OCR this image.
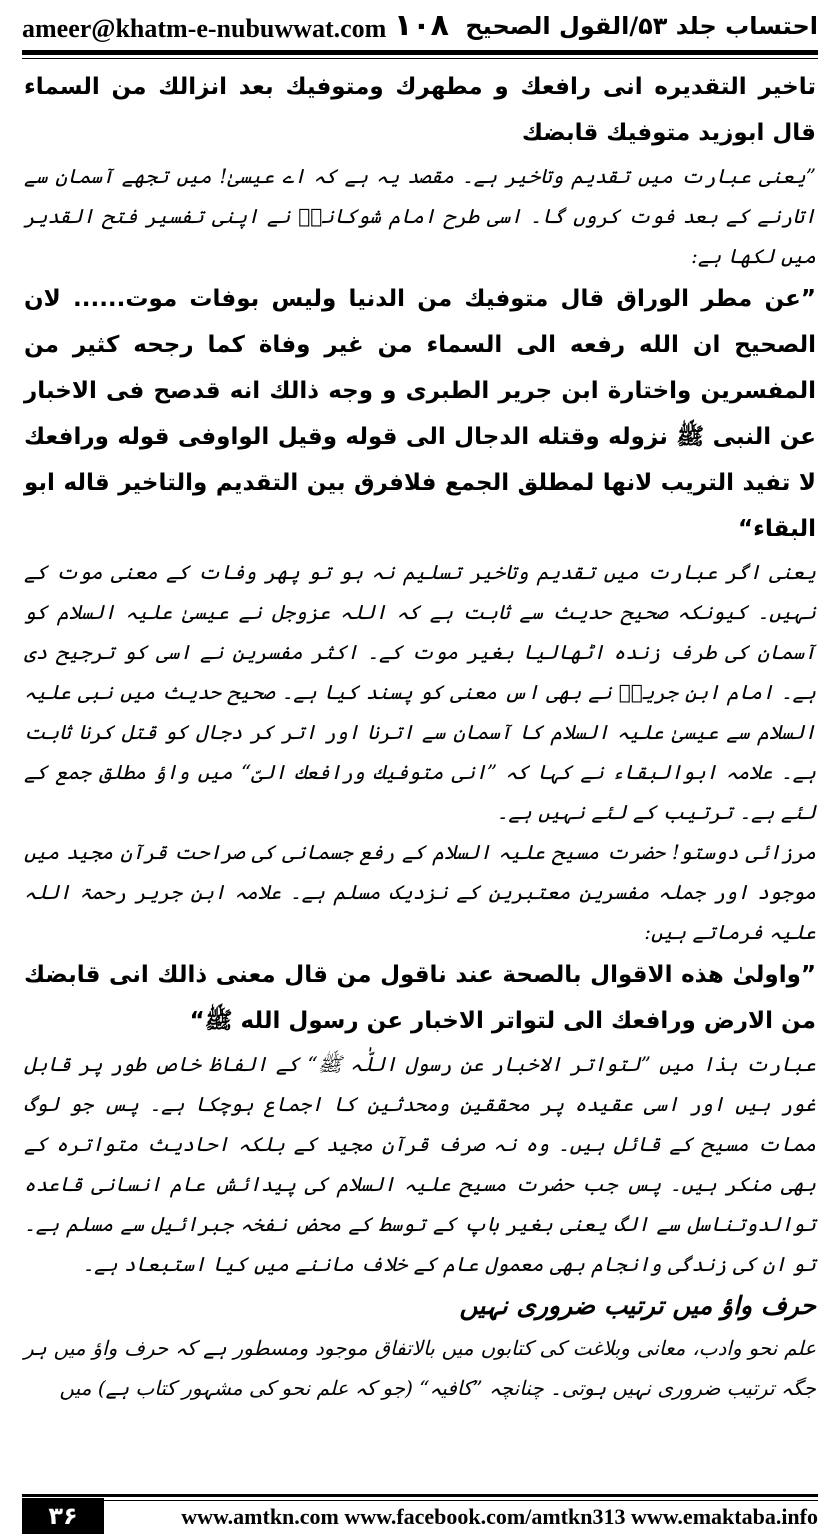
ameer@khatm-e-nubuwwat.com ۱۰۸ احتساب جلد ۵۳/القول الصحیح

تاخير التقديره انى رافعك و مطهرك ومتوفيك بعد انزالك من السماء قال ابوزيد متوفيك قابضك

”یعنی عبارت میں تقدیم وتاخیر ہے۔ مقصد یہ ہے کہ اے عیسیٰ! میں تجھے آسمان سے اتارنے کے بعد فوت کروں گا۔ اسی طرح امام شوکانیؒ نے اپنی تفسیر فتح القدیر میں لکھا ہے:

”عن مطر الوراق قال متوفيك من الدنيا وليس بوفات موت...... لان الصحيح ان الله رفعه الى السماء من غير وفاة كما رجحه كثير من المفسرين واختارة ابن جرير الطبرى و وجه ذالك انه قدصح فى الاخبار عن النبى ﷺ نزوله وقتله الدجال الى قوله وقيل الواوفى قوله ورافعك لا تفيد التريب لانها لمطلق الجمع فلافرق بين التقديم والتاخير قاله ابو البقاء“

یعنی اگر عبارت میں تقدیم وتاخیر تسلیم نہ ہو تو پھر وفات کے معنی موت کے نہیں۔ کیونکہ صحیح حدیث سے ثابت ہے کہ اللہ عزوجل نے عیسیٰ علیہ السلام کو آسمان کی طرف زندہ اٹھالیا بغیر موت کے۔ اکثر مفسرین نے اسی کو ترجیح دی ہے۔ امام ابن جریرؒ نے بھی اس معنی کو پسند کیا ہے۔ صحیح حدیث میں نبی علیہ السلام سے عیسیٰ علیہ السلام کا آسمان سے اترنا اور اتر کر دجال کو قتل کرنا ثابت ہے۔ علامہ ابوالبقاء نے کہا کہ ”انی متوفیك ورافعك الیّ“ میں واؤ مطلق جمع کے لئے ہے۔ ترتیب کے لئے نہیں ہے۔

مرزائی دوستو! حضرت مسیح علیہ السلام کے رفع جسمانی کی صراحت قرآن مجید میں موجود اور جملہ مفسرین معتبرین کے نزدیک مسلم ہے۔ علامہ ابن جریر رحمۃ اللہ علیہ فرماتے ہیں:

”واولیٰ هذه الاقوال بالصحة عند ناقول من قال معنى ذالك انى قابضك من الارض ورافعك الى لتواتر الاخبار عن رسول الله ﷺ“

عبارت ہذا میں ”لتواتر الاخبار عن رسول اللّٰہ ﷺ“ کے الفاظ خاص طور پر قابل غور ہیں اور اسی عقیدہ پر محققین ومحدثین کا اجماع ہوچکا ہے۔ پس جو لوگ ممات مسیح کے قائل ہیں۔ وہ نہ صرف قرآن مجید کے بلکہ احادیث متواترہ کے بھی منکر ہیں۔ پس جب حضرت مسیح علیہ السلام کی پیدائش عام انسانی قاعدہ توالدوتناسل سے الگ یعنی بغیر باپ کے توسط کے محض نفخہ جبرائیل سے مسلم ہے۔ تو ان کی زندگی وانجام بھی معمول عام کے خلاف ماننے میں کیا استبعاد ہے۔

حرف واؤ میں ترتیب ضروری نہیں

علم نحو وادب، معانی وبلاغت کی کتابوں میں بالاتفاق موجود ومسطور ہے کہ حرف واؤ میں ہر جگہ ترتیب ضروری نہیں ہوتی۔ چنانچہ ”کافیہ“ (جو کہ علم نحو کی مشہور کتاب ہے) میں

۳۶	www.amtkn.com www.facebook.com/amtkn313 www.emaktaba.info
